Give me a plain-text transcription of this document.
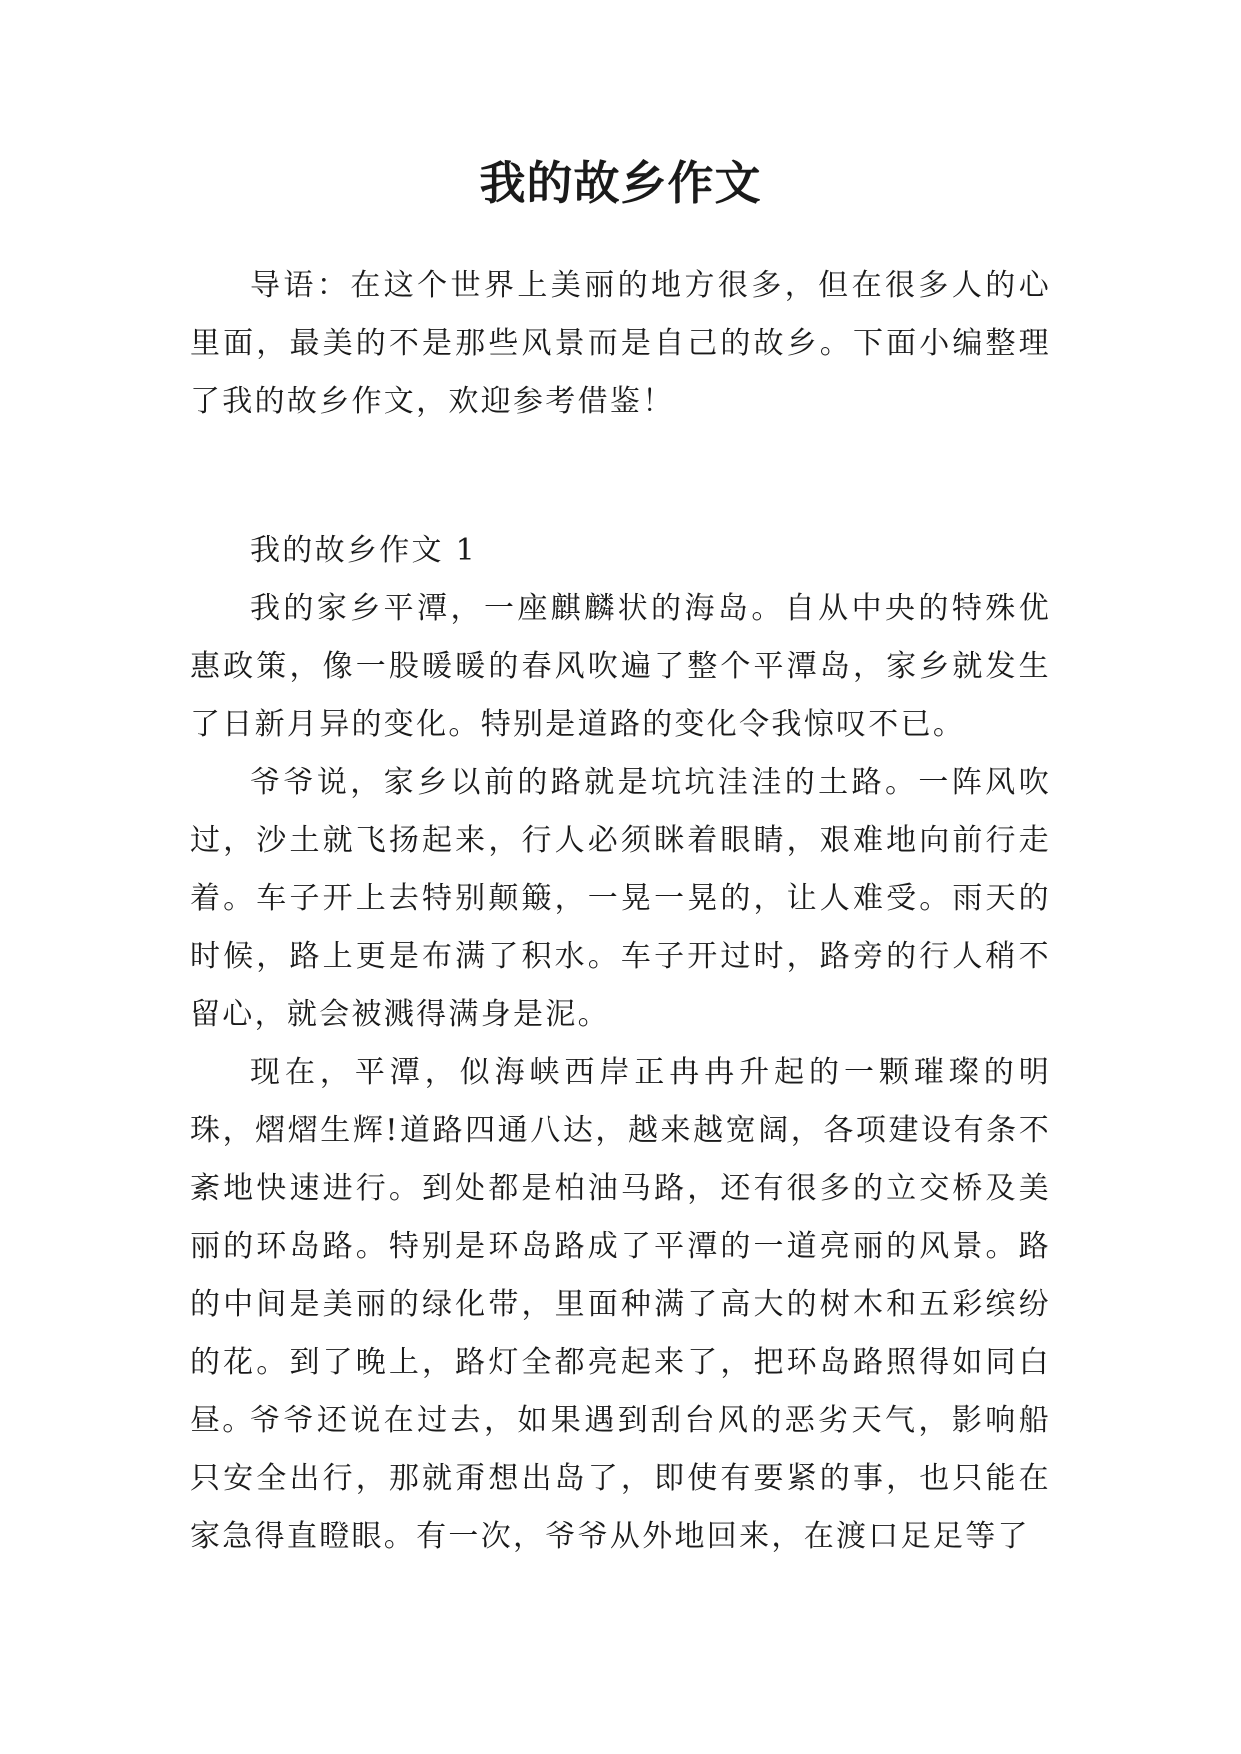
我的故乡作文

导语：在这个世界上美丽的地方很多，但在很多人的心里面，最美的不是那些风景而是自己的故乡。下面小编整理了我的故乡作文，欢迎参考借鉴！

我的故乡作文 1

我的家乡平潭，一座麒麟状的海岛。自从中央的特殊优惠政策，像一股暖暖的春风吹遍了整个平潭岛，家乡就发生了日新月异的变化。特别是道路的变化令我惊叹不已。

爷爷说，家乡以前的路就是坑坑洼洼的土路。一阵风吹过，沙土就飞扬起来，行人必须眯着眼睛，艰难地向前行走着。车子开上去特别颠簸，一晃一晃的，让人难受。雨天的时候，路上更是布满了积水。车子开过时，路旁的行人稍不留心，就会被溅得满身是泥。

现在，平潭，似海峡西岸正冉冉升起的一颗璀璨的明珠，熠熠生辉!道路四通八达，越来越宽阔，各项建设有条不紊地快速进行。到处都是柏油马路，还有很多的立交桥及美丽的环岛路。特别是环岛路成了平潭的一道亮丽的风景。路的中间是美丽的绿化带，里面种满了高大的树木和五彩缤纷的花。到了晚上，路灯全都亮起来了，把环岛路照得如同白昼。

爷爷还说在过去，如果遇到刮台风的恶劣天气，影响船只安全出行，那就甭想出岛了，即使有要紧的事，也只能在家急得直瞪眼。有一次，爷爷从外地回来，在渡口足足等了
